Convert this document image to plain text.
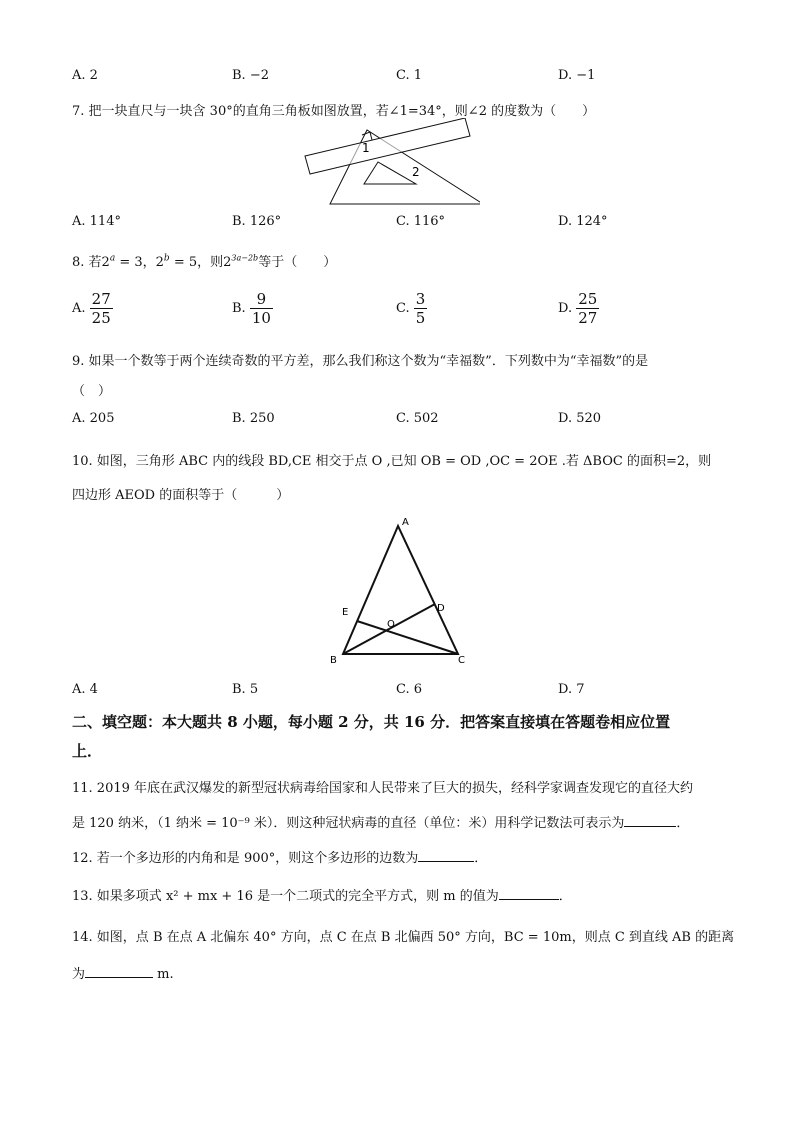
A. 2	B. −2	C. 1	D. −1
7. 把一块直尺与一块含 30°的直角三角板如图放置，若∠1=34°，则∠2 的度数为（　　）
1
2
A. 114°	B. 126°	C. 116°	D. 124°
8. 若$2^a = 3$，$2^b = 5$，则$2^{3a-2b}$等于（　　）
A. $\frac{27}{25}$	B. $\frac{9}{10}$	C. $\frac{3}{5}$	D. $\frac{25}{27}$
9. 如果一个数等于两个连续奇数的平方差，那么我们称这个数为“幸福数”．下列数中为“幸福数”的是
（　）
A. 205	B. 250	C. 502	D. 520
10. 如图，三角形 ABC 内的线段 BD,CE 相交于点 O ,已知 OB = OD ,OC = 2OE .若 ΔBOC 的面积=2，则
四边形 AEOD 的面积等于（　　　）
A
B	C
D
E
O
A. 4	B. 5	C. 6	D. 7
二、填空题：本大题共 8 小题，每小题 2 分，共 16 分．把答案直接填在答题卷相应位置
上．
11. 2019 年底在武汉爆发的新型冠状病毒给国家和人民带来了巨大的损失，经科学家调查发现它的直径大约
是 120 纳米，（1 纳米 = 10⁻⁹ 米）．则这种冠状病毒的直径（单位：米）用科学记数法可表示为	．
12. 若一个多边形的内角和是 900°，则这个多边形的边数为	．
13. 如果多项式 x² + mx + 16 是一个二项式的完全平方式，则 m 的值为	．
14. 如图，点 B 在点 A 北偏东 40° 方向，点 C 在点 B 北偏西 50° 方向，BC = 10m，则点 C 到直线 AB 的距离
为	m.
